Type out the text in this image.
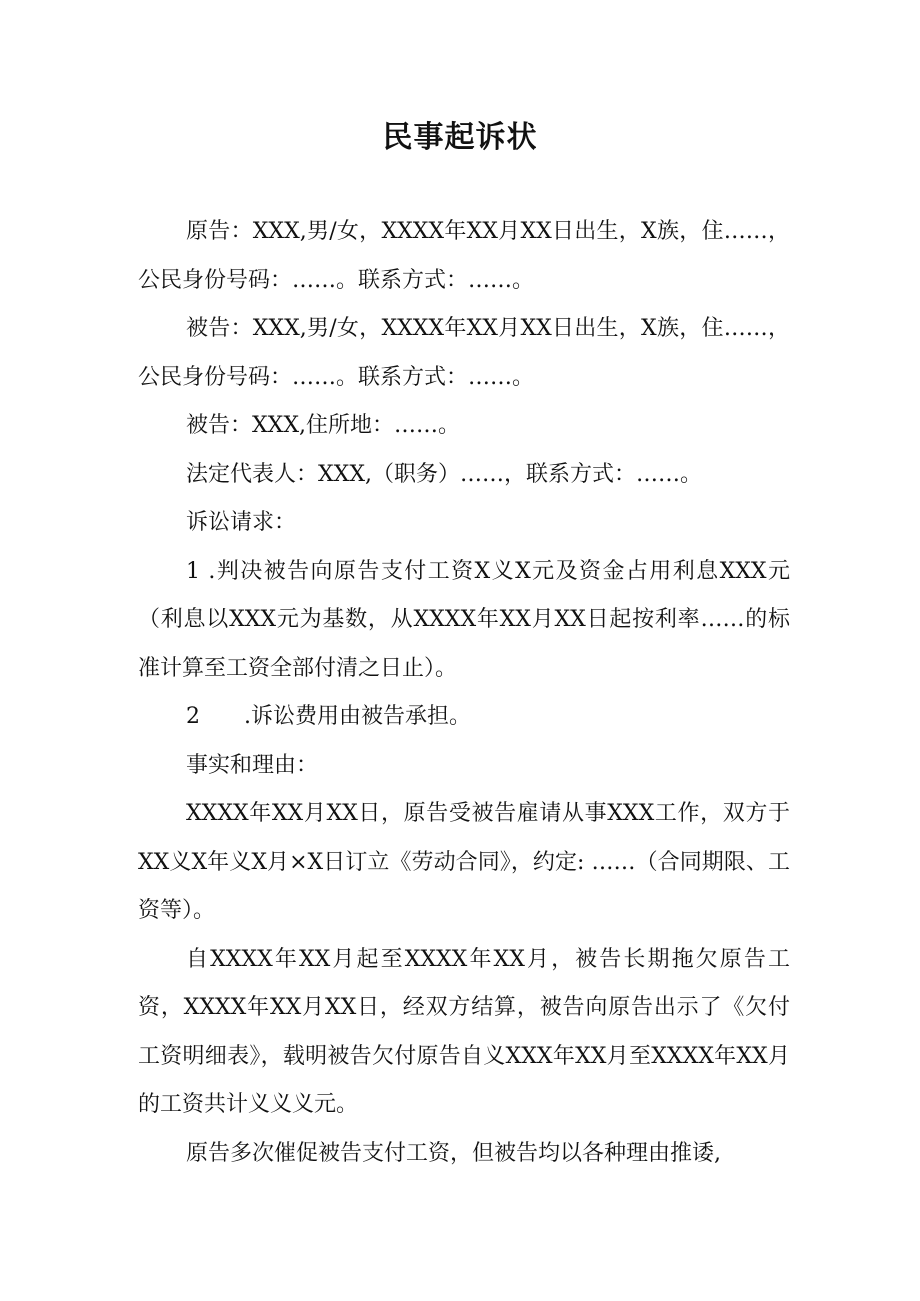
民事起诉状

原告：XXX,男/女，XXXX年XX月XX日出生，X族，住……，公民身份号码：……。联系方式：……。

被告：XXX,男/女，XXXX年XX月XX日出生，X族，住……，公民身份号码：……。联系方式：……。

被告：XXX,住所地：……。

法定代表人：XXX,（职务）……，联系方式：……。

诉讼请求：

1 .判决被告向原告支付工资X义X元及资金占用利息XXX元（利息以XXX元为基数，从XXXX年XX月XX日起按利率……的标准计算至工资全部付清之日止）。

2　　.诉讼费用由被告承担。

事实和理由：

XXXX年XX月XX日，原告受被告雇请从事XXX工作，双方于XX义X年义X月×X日订立《劳动合同》，约定: ……（合同期限、工资等）。

自XXXX年XX月起至XXXX年XX月，被告长期拖欠原告工资，XXXX年XX月XX日，经双方结算，被告向原告出示了《欠付工资明细表》，载明被告欠付原告自义XXX年XX月至XXXX年XX月的工资共计义义义元。

原告多次催促被告支付工资，但被告均以各种理由推诿,
